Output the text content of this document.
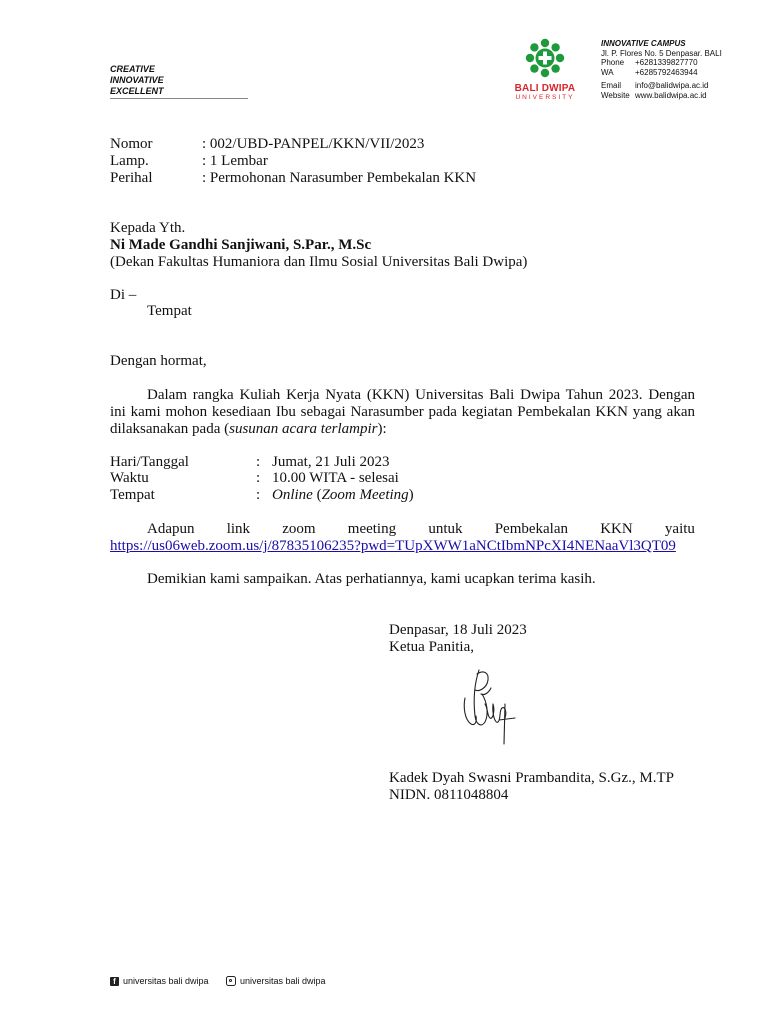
CREATIVE
INNOVATIVE
EXCELLENT	BALI DWIPA
UNIVERSITY
INNOVATIVE CAMPUS
Jl. P. Flores No. 5 Denpasar. BALI
Phone	+6281339827770
WA	+6285792463944
Email	info@balidwipa.ac.id
Website www.balidwipa.ac.id
Nomor	: 002/UBD-PANPEL/KKN/VII/2023
Lamp.	: 1 Lembar
Perihal	: Permohonan Narasumber Pembekalan KKN
Kepada Yth.
Ni Made Gandhi Sanjiwani, S.Par., M.Sc
(Dekan Fakultas Humaniora dan Ilmu Sosial Universitas Bali Dwipa)
Di –
Tempat
Dengan hormat,
Dalam rangka Kuliah Kerja Nyata (KKN) Universitas Bali Dwipa Tahun 2023. Dengan
ini kami mohon kesediaan Ibu sebagai Narasumber pada kegiatan Pembekalan KKN yang akan
dilaksanakan pada (susunan acara terlampir):
Hari/Tanggal	: Jumat, 21 Juli 2023
Waktu	: 10.00 WITA - selesai
Tempat	: Online (Zoom Meeting)
Adapun link zoom meeting untuk Pembekalan KKN yaitu
https://us06web.zoom.us/j/87835106235?pwd=TUpXWW1aNCtIbmNPcXI4NENaaVl3QT09
Demikian kami sampaikan. Atas perhatiannya, kami ucapkan terima kasih.
Denpasar, 18 Juli 2023
Ketua Panitia,
Kadek Dyah Swasni Prambandita, S.Gz., M.TP
NIDN. 0811048804
f universitas bali dwipa	universitas bali dwipa
